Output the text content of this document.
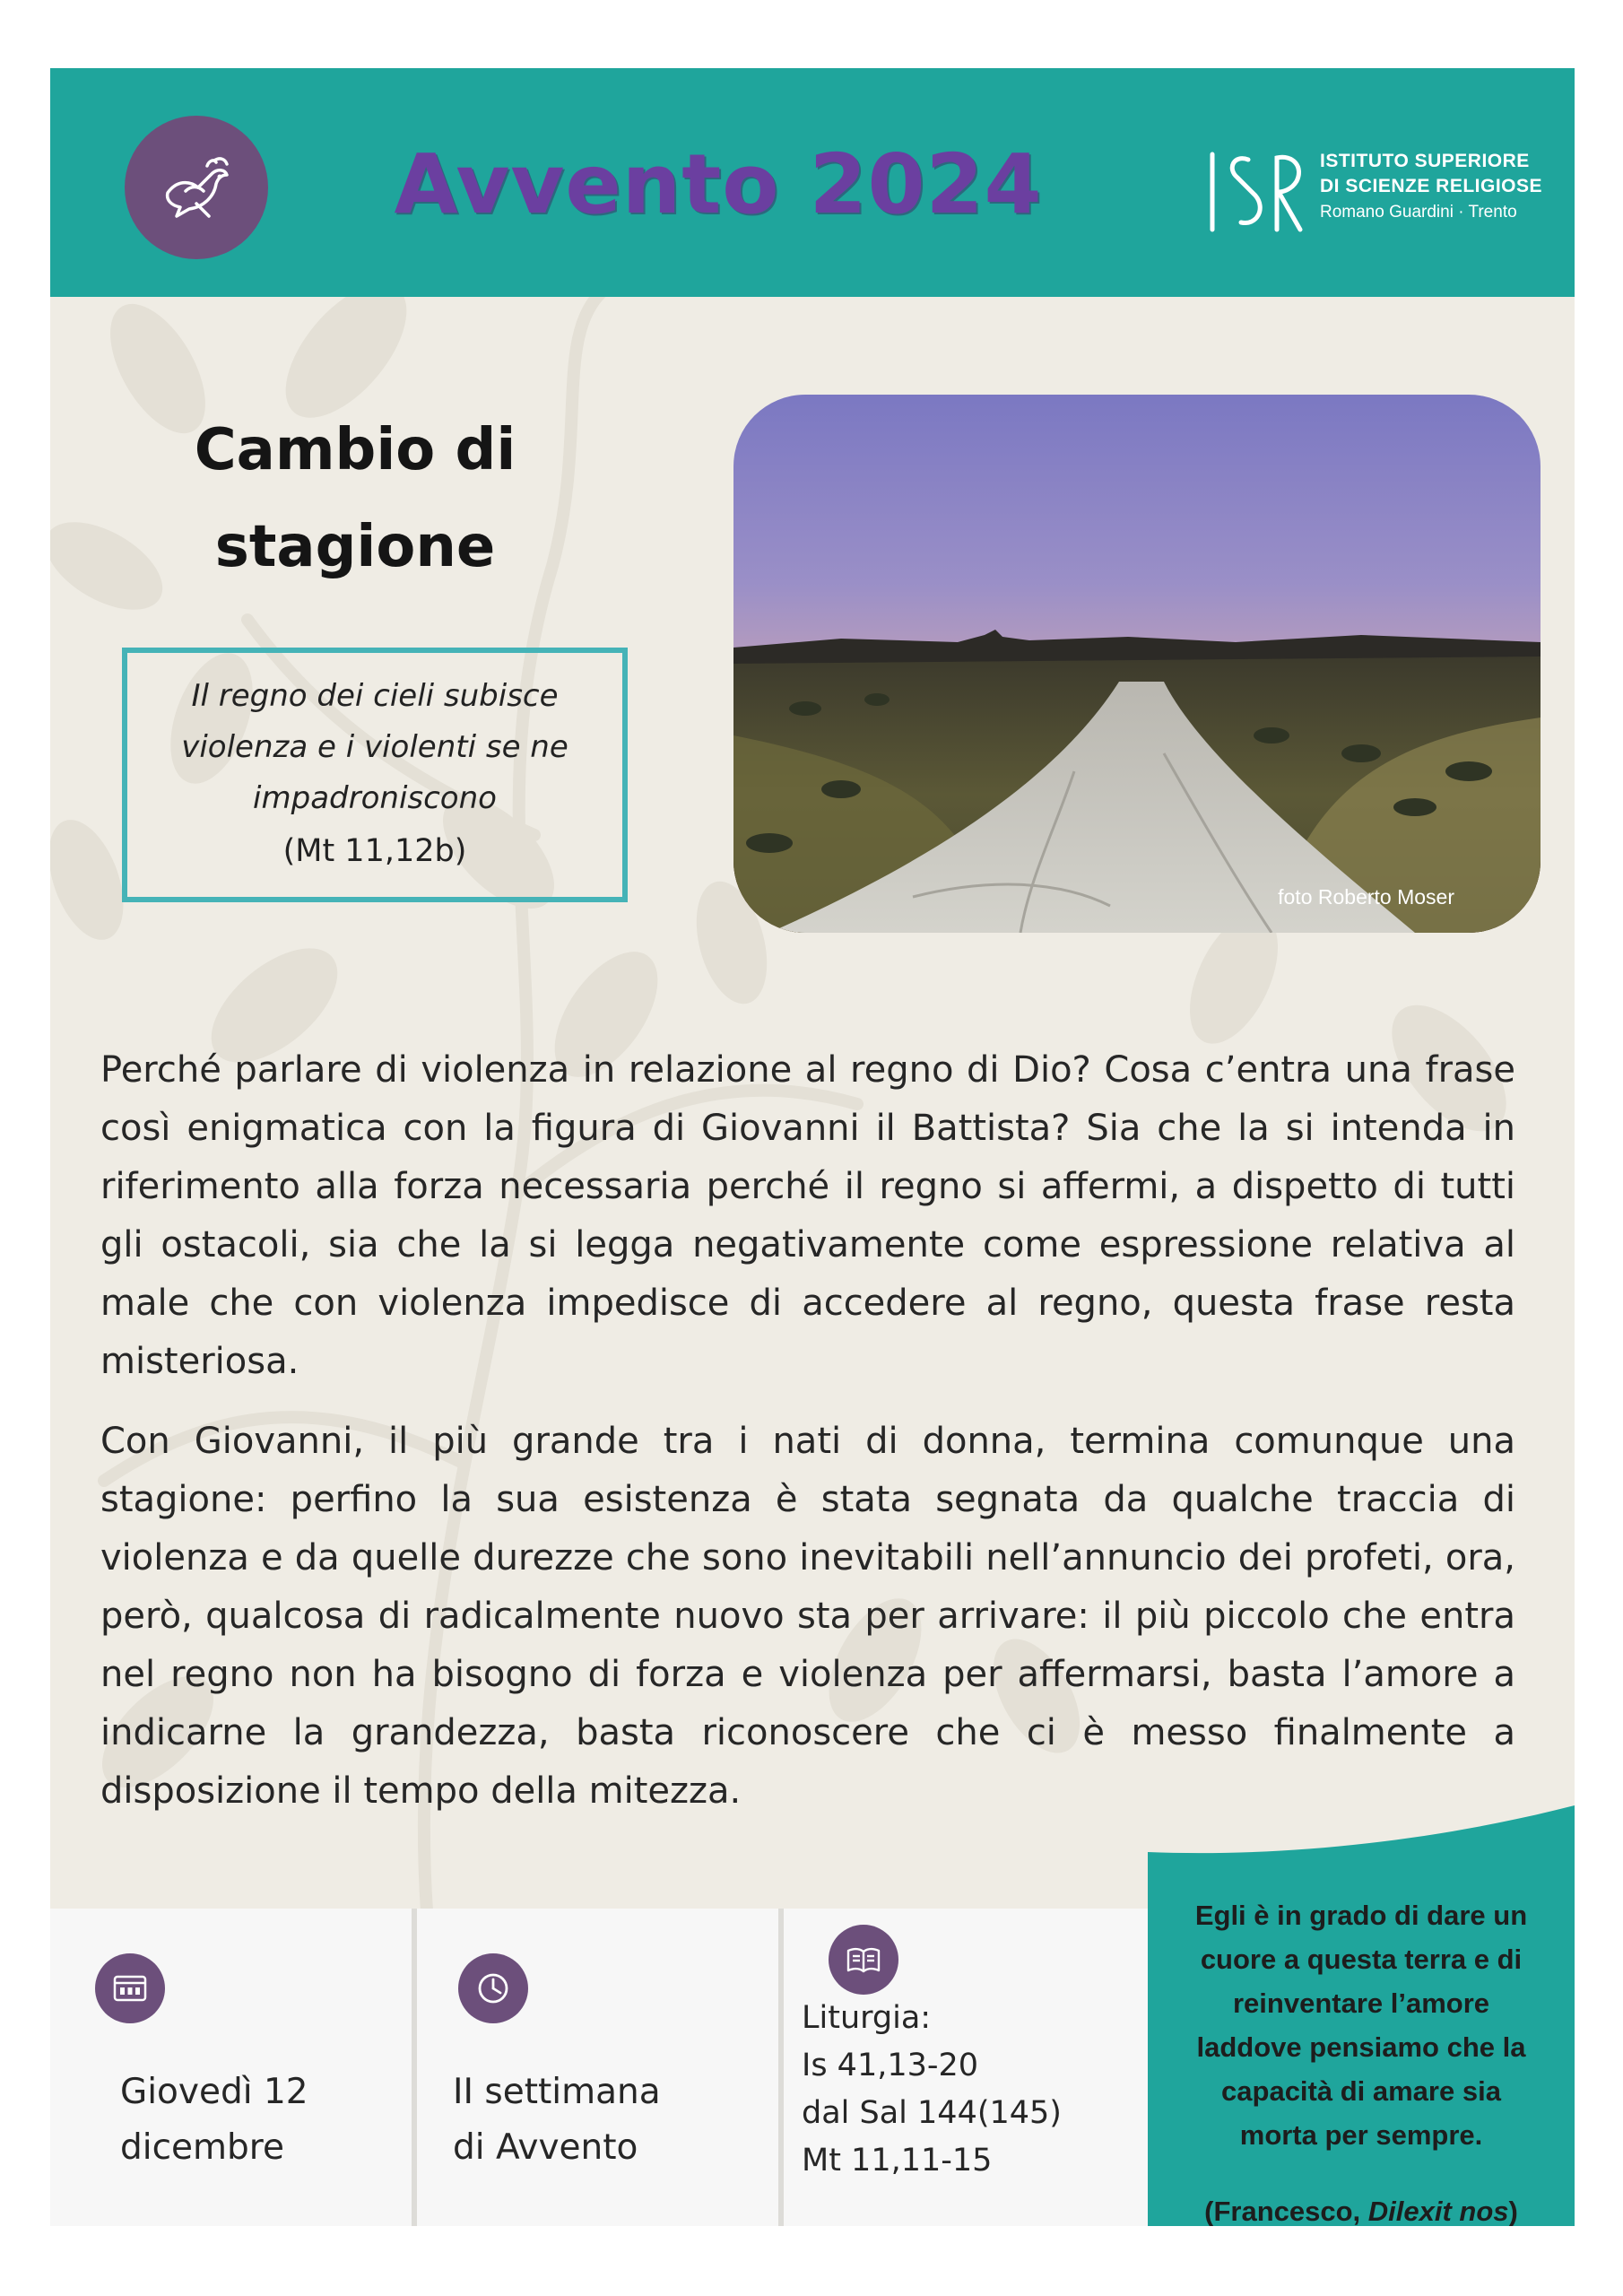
Avvento 2024	ISTITUTO SUPERIORE
DI SCIENZE RELIGIOSE
Romano Guardini · Trento
Cambio di
stagione
Il regno dei cieli subisce
violenza e i violenti se ne
impadroniscono
(Mt 11,12b)
foto Roberto Moser

Perché parlare di violenza in relazione al regno di Dio? Cosa c’entra una frase così enigmatica con la figura di Giovanni il Battista? Sia che la si intenda in riferimento alla forza necessaria perché il regno si affermi, a dispetto di tutti gli ostacoli, sia che la si legga negativamente come espressione relativa al male che con violenza impedisce di accedere al regno, questa frase resta misteriosa.

Con Giovanni, il più grande tra i nati di donna, termina comunque una stagione: perfino la sua esistenza è stata segnata da qualche traccia di violenza e da quelle durezze che sono inevitabili nell’annuncio dei profeti, ora, però, qualcosa di radicalmente nuovo sta per arrivare: il più piccolo che entra nel regno non ha bisogno di forza e violenza per affermarsi, basta l’amore a indicarne la grandezza, basta riconoscere che ci è messo finalmente a disposizione il tempo della mitezza.

Giovedì 12
dicembre
II settimana
di Avvento
Liturgia:
Is 41,13-20
dal Sal 144(145)
Mt 11,11-15
Egli è in grado di dare un
cuore a questa terra e di
reinventare l’amore
laddove pensiamo che la
capacità di amare sia
morta per sempre.
(Francesco, Dilexit nos)
